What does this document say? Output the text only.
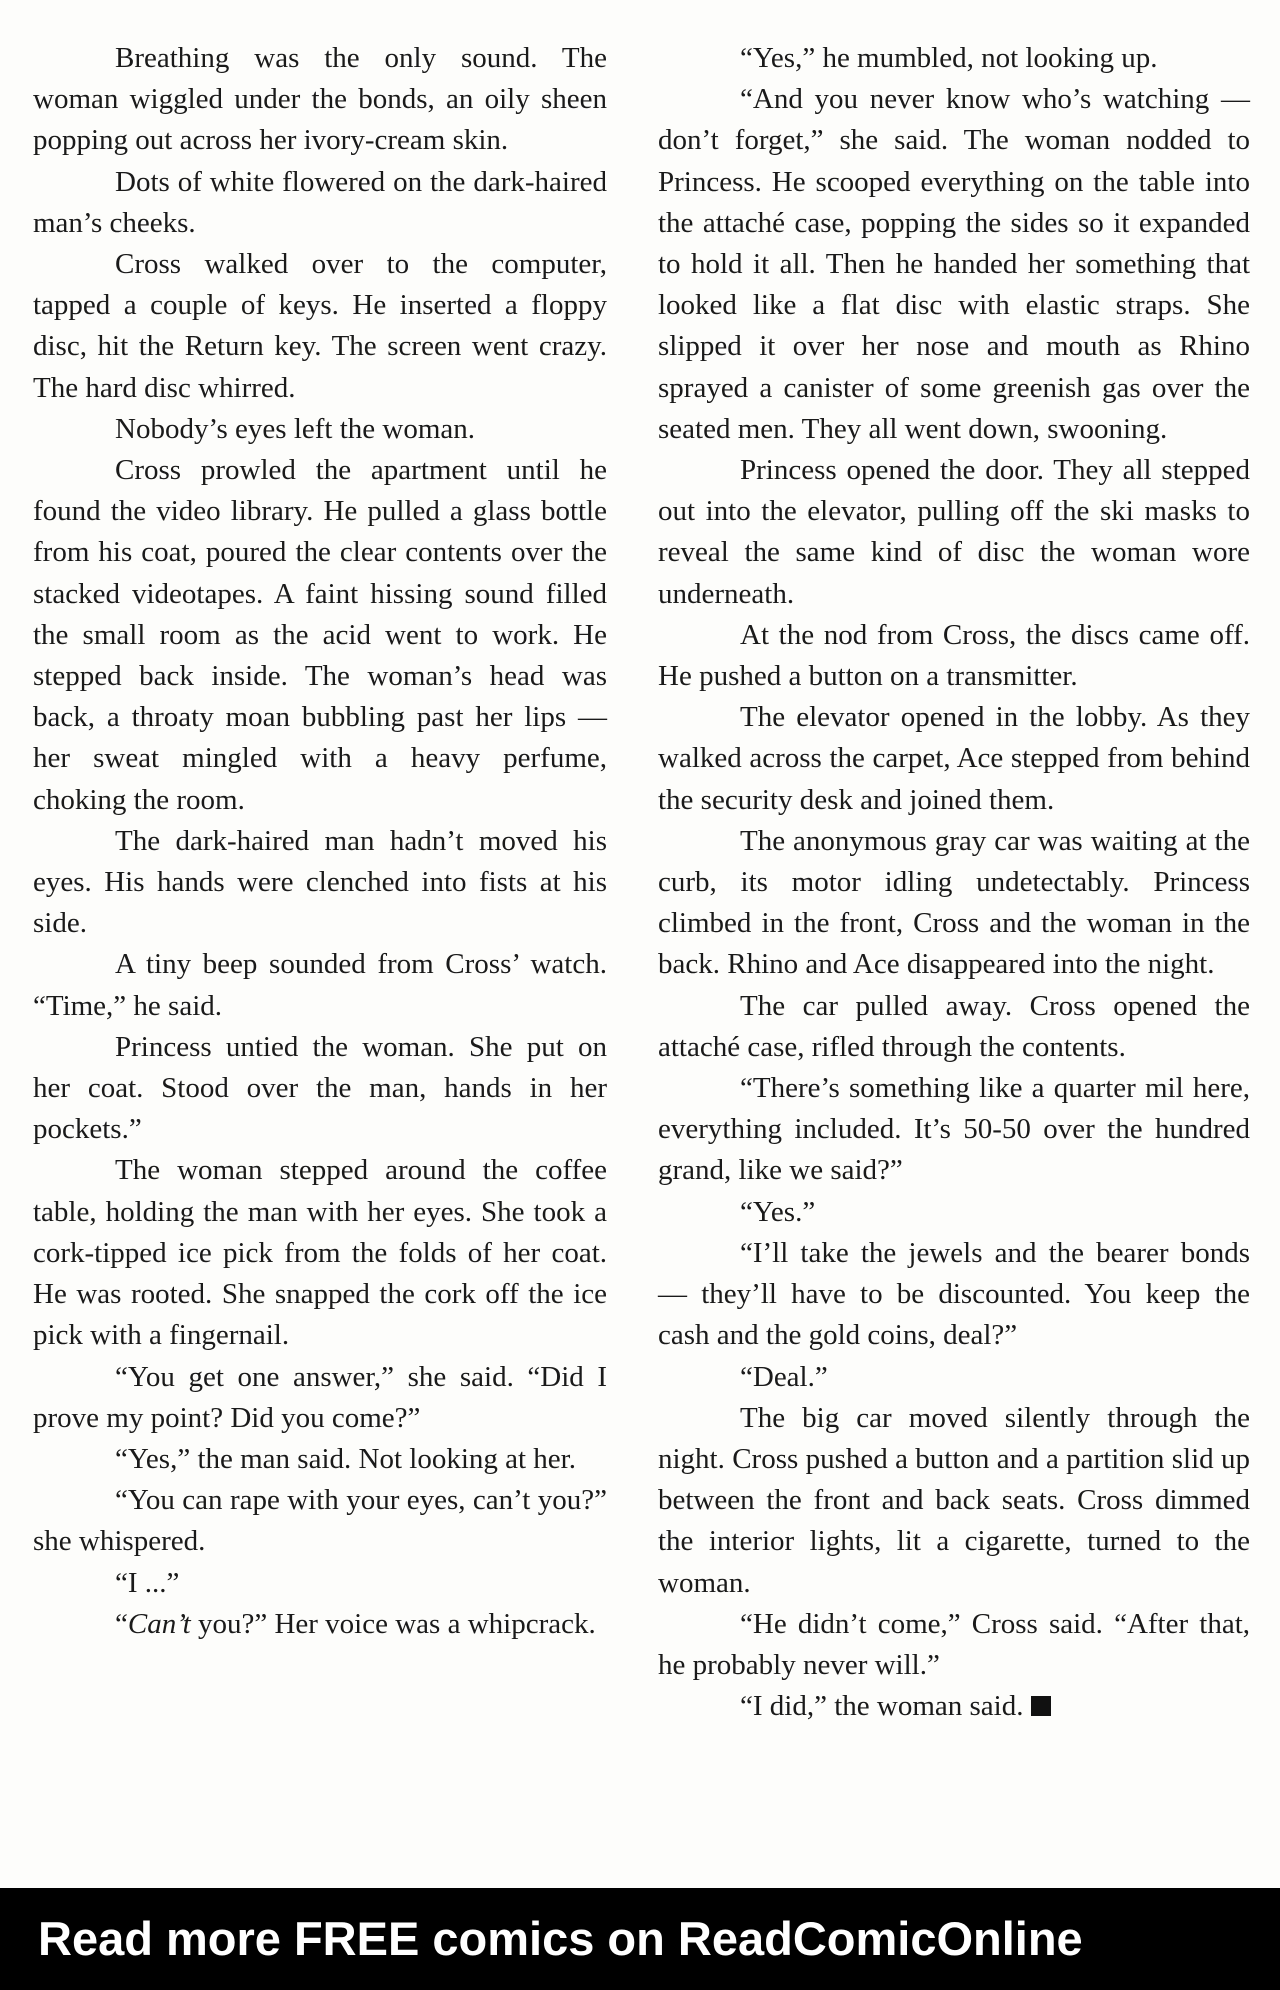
Breathing was the only sound. The woman wiggled under the bonds, an oily sheen popping out across her ivory-cream skin.

Dots of white flowered on the dark-haired man’s cheeks.

Cross walked over to the computer, tapped a couple of keys. He inserted a floppy disc, hit the Return key. The screen went crazy. The hard disc whirred.

Nobody’s eyes left the woman.

Cross prowled the apartment until he found the video library. He pulled a glass bottle from his coat, poured the clear contents over the stacked videotapes. A faint hissing sound filled the small room as the acid went to work. He stepped back inside. The woman’s head was back, a throaty moan bubbling past her lips — her sweat mingled with a heavy perfume, choking the room.

The dark-haired man hadn’t moved his eyes. His hands were clenched into fists at his side.

A tiny beep sounded from Cross’ watch. “Time,” he said.

Princess untied the woman. She put on her coat. Stood over the man, hands in her pockets.”

The woman stepped around the coffee table, holding the man with her eyes. She took a cork-tipped ice pick from the folds of her coat. He was rooted. She snapped the cork off the ice pick with a fingernail.

“You get one answer,” she said. “Did I prove my point? Did you come?”

“Yes,” the man said. Not looking at her.

“You can rape with your eyes, can’t you?” she whispered.

“I ...”

“Can’t you?” Her voice was a whipcrack.

“Yes,” he mumbled, not looking up.

“And you never know who’s watching — don’t forget,” she said. The woman nodded to Princess. He scooped everything on the table into the attaché case, popping the sides so it expanded to hold it all. Then he handed her something that looked like a flat disc with elastic straps. She slipped it over her nose and mouth as Rhino sprayed a canister of some greenish gas over the seated men. They all went down, swooning.

Princess opened the door. They all stepped out into the elevator, pulling off the ski masks to reveal the same kind of disc the woman wore underneath.

At the nod from Cross, the discs came off. He pushed a button on a transmitter.

The elevator opened in the lobby. As they walked across the carpet, Ace stepped from behind the security desk and joined them.

The anonymous gray car was waiting at the curb, its motor idling undetectably. Princess climbed in the front, Cross and the woman in the back. Rhino and Ace disappeared into the night.

The car pulled away. Cross opened the attaché case, rifled through the contents.

“There’s something like a quarter mil here, everything included. It’s 50-50 over the hundred grand, like we said?”

“Yes.”

“I’ll take the jewels and the bearer bonds — they’ll have to be discounted. You keep the cash and the gold coins, deal?”

“Deal.”

The big car moved silently through the night. Cross pushed a button and a partition slid up between the front and back seats. Cross dimmed the interior lights, lit a cigarette, turned to the woman.

“He didn’t come,” Cross said. “After that, he probably never will.”

“I did,” the woman said.

Read more FREE comics on ReadComicOnline
